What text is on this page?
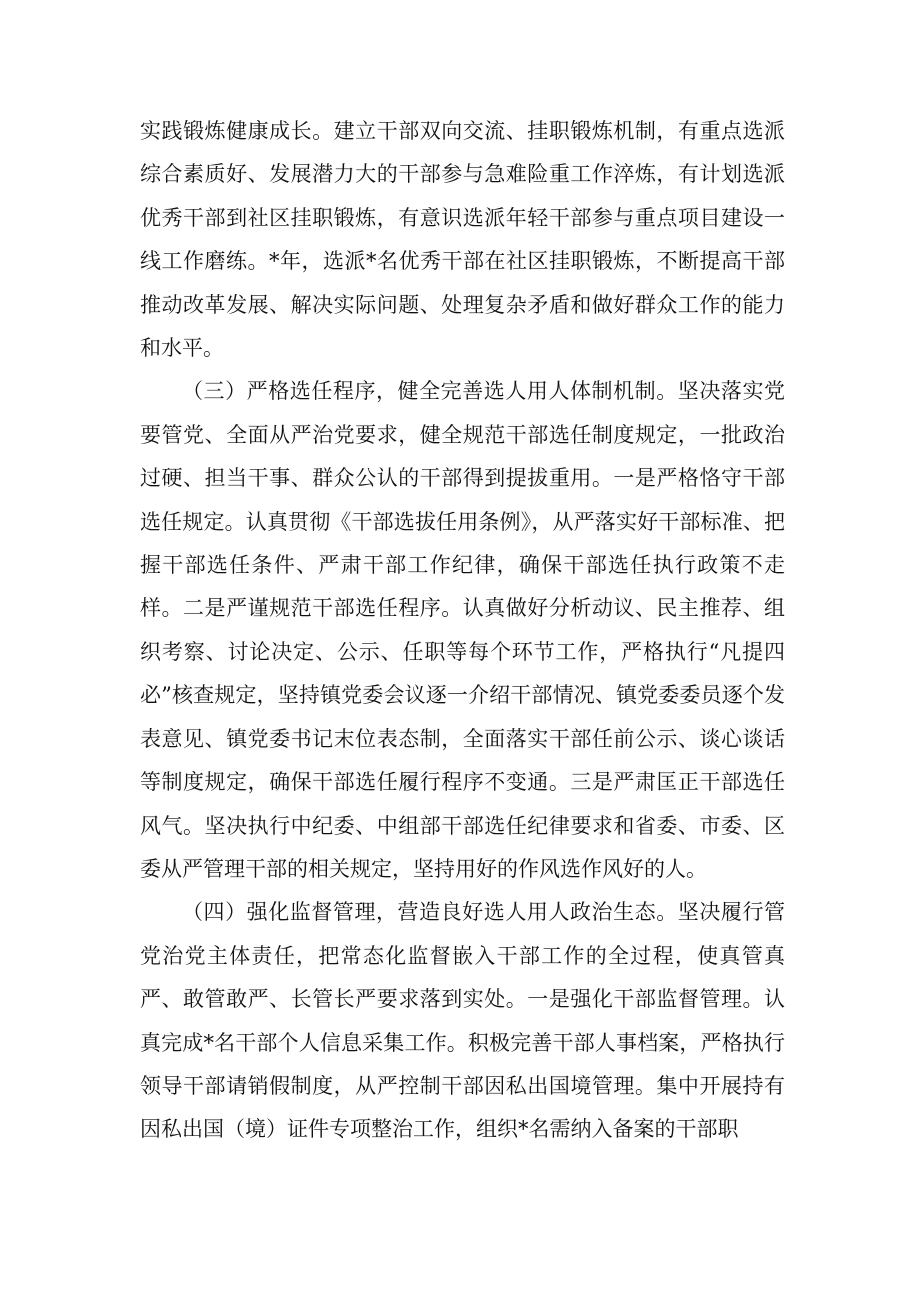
实践锻炼健康成长。建立干部双向交流、挂职锻炼机制，有重点选派综合素质好、发展潜力大的干部参与急难险重工作淬炼，有计划选派优秀干部到社区挂职锻炼，有意识选派年轻干部参与重点项目建设一线工作磨练。*年，选派*名优秀干部在社区挂职锻炼，不断提高干部推动改革发展、解决实际问题、处理复杂矛盾和做好群众工作的能力和水平。

（三）严格选任程序，健全完善选人用人体制机制。坚决落实党要管党、全面从严治党要求，健全规范干部选任制度规定，一批政治过硬、担当干事、群众公认的干部得到提拔重用。一是严格恪守干部选任规定。认真贯彻《干部选拔任用条例》，从严落实好干部标准、把握干部选任条件、严肃干部工作纪律，确保干部选任执行政策不走样。二是严谨规范干部选任程序。认真做好分析动议、民主推荐、组织考察、讨论决定、公示、任职等每个环节工作，严格执行“凡提四必”核查规定，坚持镇党委会议逐一介绍干部情况、镇党委委员逐个发表意见、镇党委书记末位表态制，全面落实干部任前公示、谈心谈话等制度规定，确保干部选任履行程序不变通。三是严肃匡正干部选任风气。坚决执行中纪委、中组部干部选任纪律要求和省委、市委、区委从严管理干部的相关规定，坚持用好的作风选作风好的人。

（四）强化监督管理，营造良好选人用人政治生态。坚决履行管党治党主体责任，把常态化监督嵌入干部工作的全过程，使真管真严、敢管敢严、长管长严要求落到实处。一是强化干部监督管理。认真完成*名干部个人信息采集工作。积极完善干部人事档案，严格执行领导干部请销假制度，从严控制干部因私出国境管理。集中开展持有因私出国（境）证件专项整治工作，组织*名需纳入备案的干部职
